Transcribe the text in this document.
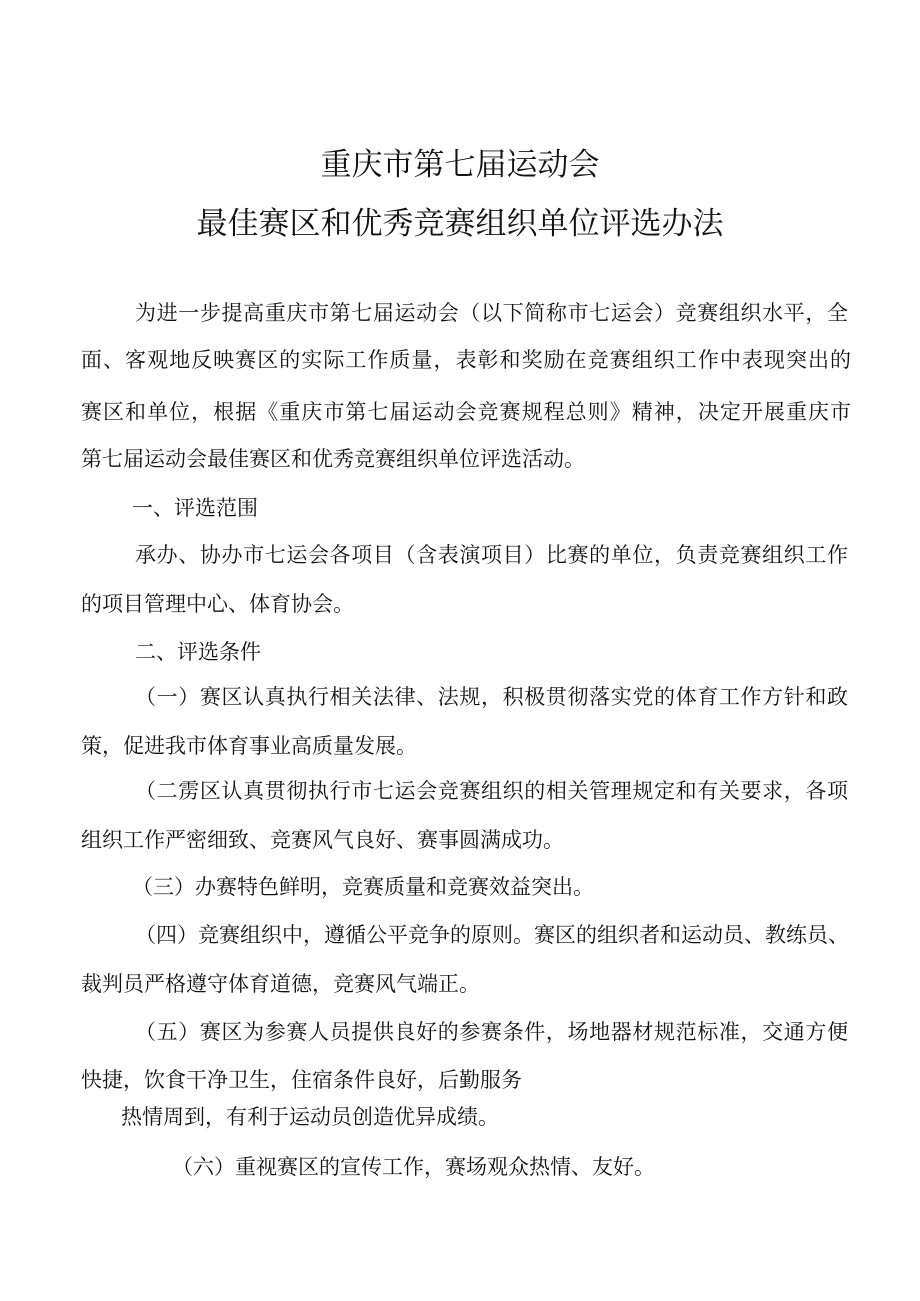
重庆市第七届运动会
最佳赛区和优秀竞赛组织单位评选办法
为进一步提高重庆市第七届运动会（以下简称市七运会）竞赛组织水平，全
面、客观地反映赛区的实际工作质量，表彰和奖励在竞赛组织工作中表现突出的
赛区和单位，根据《重庆市第七届运动会竞赛规程总则》精神，决定开展重庆市
第七届运动会最佳赛区和优秀竞赛组织单位评选活动。
一、评选范围
承办、协办市七运会各项目（含表演项目）比赛的单位，负责竞赛组织工作
的项目管理中心、体育协会。
二、评选条件
（一）赛区认真执行相关法律、法规，积极贯彻落实党的体育工作方针和政
策，促进我市体育事业高质量发展。
（二雳区认真贯彻执行市七运会竞赛组织的相关管理规定和有关要求，各项
组织工作严密细致、竞赛风气良好、赛事圆满成功。
（三）办赛特色鲜明，竞赛质量和竞赛效益突出。
（四）竞赛组织中，遵循公平竞争的原则。赛区的组织者和运动员、教练员、
裁判员严格遵守体育道德，竞赛风气端正。
（五）赛区为参赛人员提供良好的参赛条件，场地器材规范标准，交通方便
快捷，饮食干净卫生，住宿条件良好，后勤服务
热情周到，有利于运动员创造优异成绩。
（六）重视赛区的宣传工作，赛场观众热情、友好。
